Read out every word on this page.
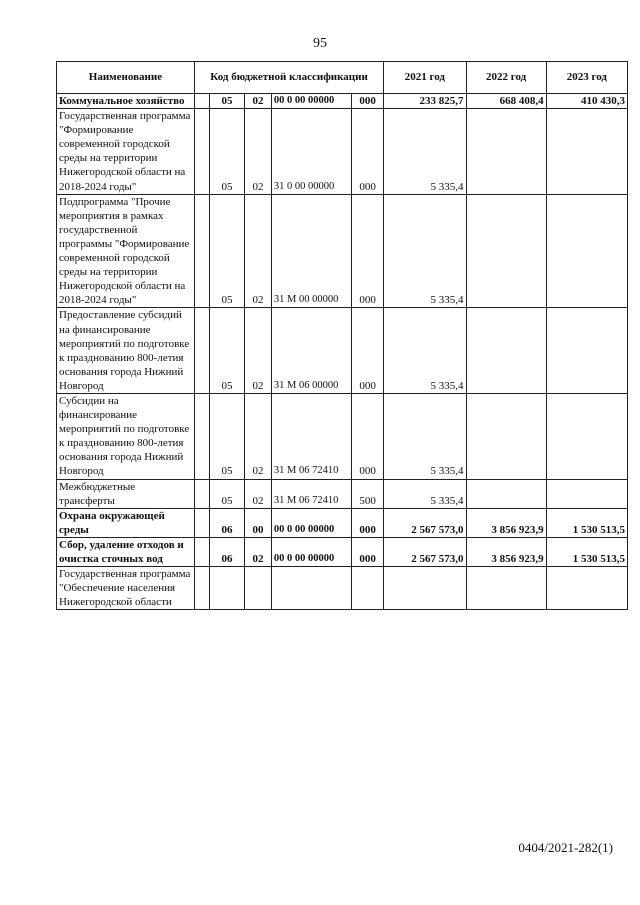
95
Наименование	Код бюджетной классификации					2021 год	2022 год	2023 год
Коммунальное хозяйство		05	02	00 0 00 00000	000	233 825,7	668 408,4	410 430,3
Государственная программа "Формирование современной городской среды на территории Нижегородской области на 2018-2024 годы"		05	02	31 0 00 00000	000	5 335,4		
Подпрограмма "Прочие мероприятия в рамках государственной программы "Формирование современной городской среды на территории Нижегородской области на 2018-2024 годы"		05	02	31 М 00 00000	000	5 335,4		
Предоставление субсидий на финансирование мероприятий по подготовке к празднованию 800-летия основания города Нижний Новгород		05	02	31 М 06 00000	000	5 335,4		
Субсидии на финансирование мероприятий по подготовке к празднованию 800-летия основания города Нижний Новгород		05	02	31 М 06 72410	000	5 335,4		
Межбюджетные трансферты		05	02	31 М 06 72410	500	5 335,4		
Охрана окружающей среды		06	00	00 0 00 00000	000	2 567 573,0	3 856 923,9	1 530 513,5
Сбор, удаление отходов и очистка сточных вод		06	02	00 0 00 00000	000	2 567 573,0	3 856 923,9	1 530 513,5
Государственная программа "Обеспечение населения Нижегородской области								
0404/2021-282(1)
